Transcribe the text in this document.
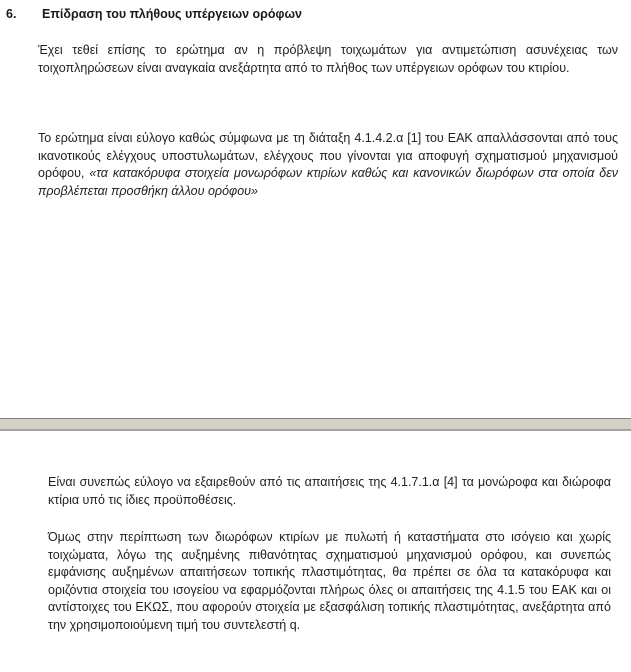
6. Επίδραση του πλήθους υπέργειων ορόφων
Έχει τεθεί επίσης το ερώτημα αν η πρόβλεψη τοιχωμάτων για αντιμετώπιση ασυνέχειας των τοιχοπληρώσεων είναι αναγκαία ανεξάρτητα από το πλήθος των υπέργειων ορόφων του κτιρίου.
Το ερώτημα είναι εύλογο καθώς σύμφωνα με τη διάταξη 4.1.4.2.α [1] του ΕΑΚ απαλλάσσονται από τους ικανοτικούς ελέγχους υποστυλωμάτων, ελέγχους που γίνονται για αποφυγή σχηματισμού μηχανισμού ορόφου, «τα κατακόρυφα στοιχεία μονωρόφων κτιρίων καθώς και κανονικών διωρόφων στα οποία δεν προβλέπεται προσθήκη άλλου ορόφου»
Είναι συνεπώς εύλογο να εξαιρεθούν από τις απαιτήσεις της 4.1.7.1.α [4] τα μονώροφα και διώροφα κτίρια υπό τις ίδιες προϋποθέσεις.
Όμως στην περίπτωση των διωρόφων κτιρίων με πυλωτή ή καταστήματα στο ισόγειο και χωρίς τοιχώματα, λόγω της αυξημένης πιθανότητας σχηματισμού μηχανισμού ορόφου, και συνεπώς εμφάνισης αυξημένων απαιτήσεων τοπικής πλαστιμότητας, θα πρέπει σε όλα τα κατακόρυφα και οριζόντια στοιχεία του ισογείου να εφαρμόζονται πλήρως όλες οι απαιτήσεις της 4.1.5 του ΕΑΚ και οι αντίστοιχες του ΕΚΩΣ, που αφορούν στοιχεία με εξασφάλιση τοπικής πλαστιμότητας, ανεξάρτητα από την χρησιμοποιούμενη τιμή του συντελεστή q.
